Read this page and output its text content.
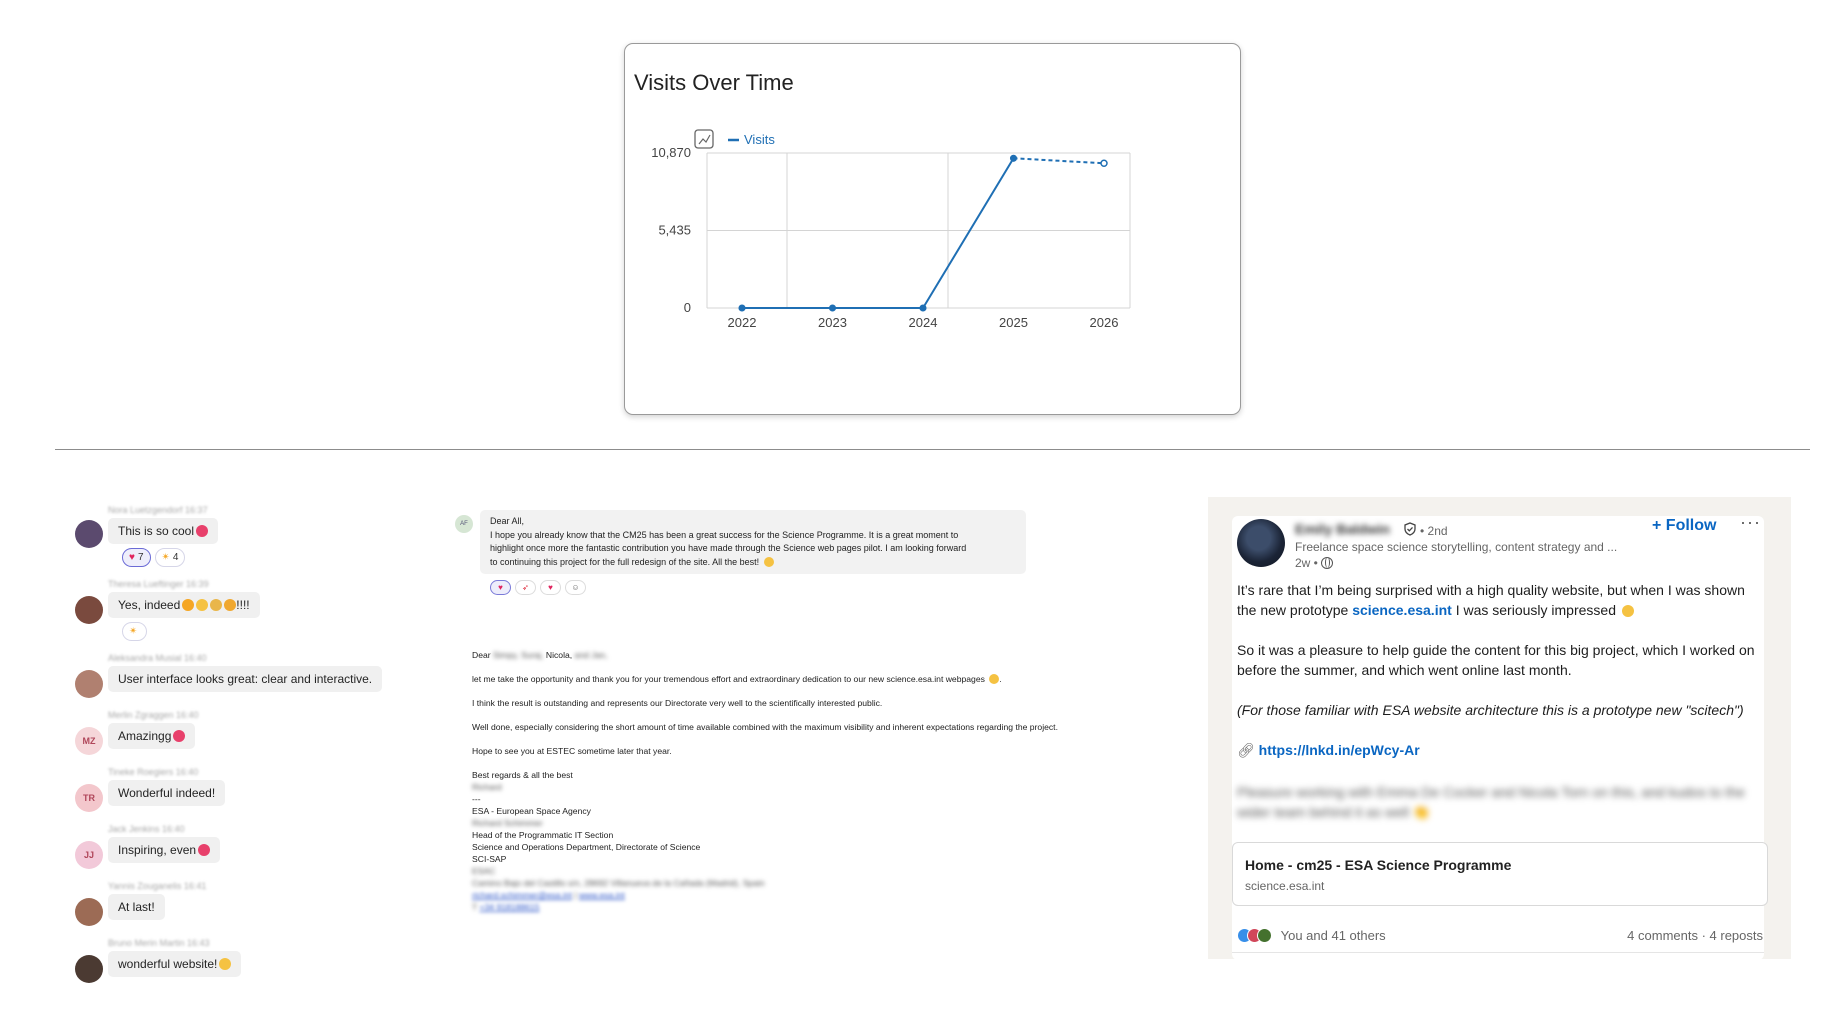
Visits Over Time
10,870
5,435
0
2022	2023	2024	2025	2026
Visits
Nora Luetzgendorf 16:37
This is so cool
♥ 7 ✴ 4
Theresa Lueftinger 16:39
Yes, indeed	!!!!
✴
Aleksandra Musial 16:40
User interface looks great: clear and interactive.
MZ
Merlin Zgraggen 16:40
Amazingg
TR
Tineke Roegiers 16:40
Wonderful indeed!
JJ
Jack Jenkins 16:40
Inspiring, even
Yannis Zouganelis 16:41
At last!
Bruno Merin Martin 16:43
wonderful website!
AF	Dear All,
I hope you already know that the CM25 has been a great success for the Science Programme. It is a great moment to
highlight once more the fantastic contribution you have made through the Science web pages pilot. I am looking forward
to continuing this project for the full redesign of the site. All the best!
♥ ➶ ♥ ☺

Dear Simpy, Suraj, Nicola, and Jan,

let me take the opportunity and thank you for your tremendous effort and extraordinary dedication to our new science.esa.int webpages .

I think the result is outstanding and represents our Directorate very well to the scientifically interested public.

Well done, especially considering the short amount of time available combined with the maximum visibility and inherent expectations regarding the project.

Hope to see you at ESTEC sometime later that year.

Best regards & all the best

Richard

---

ESA - European Space Agency

Richard Schimmer

Head of the Programmatic IT Section

Science and Operations Department, Directorate of Science

SCI-SAP

ESAC

Camino Bajo del Castillo s/n, 28692 Villanueva de la Cañada (Madrid), Spain

richard.schimmer@esa.int | www.esa.int

T +34 918188615

Emily Baldwin	• 2nd
Freelance space science storytelling, content strategy and ...
2w •
+ Follow ···
It’s rare that I’m being surprised with a high quality website, but when I was shown the new prototype science.esa.int I was seriously impressed
So it was a pleasure to help guide the content for this big project, which I worked on before the summer, and which went online last month.
(For those familiar with ESA website architecture this is a prototype new "scitech")
🔗︎ https://lnkd.in/epWcy-Ar
Pleasure working with Emma De Cocker and Nicola Torn on this, and kudos to the wider team behind it as well 👏
Home - cm25 - ESA Science Programme
science.esa.int
You and 41 others	4 comments · 4 reposts
